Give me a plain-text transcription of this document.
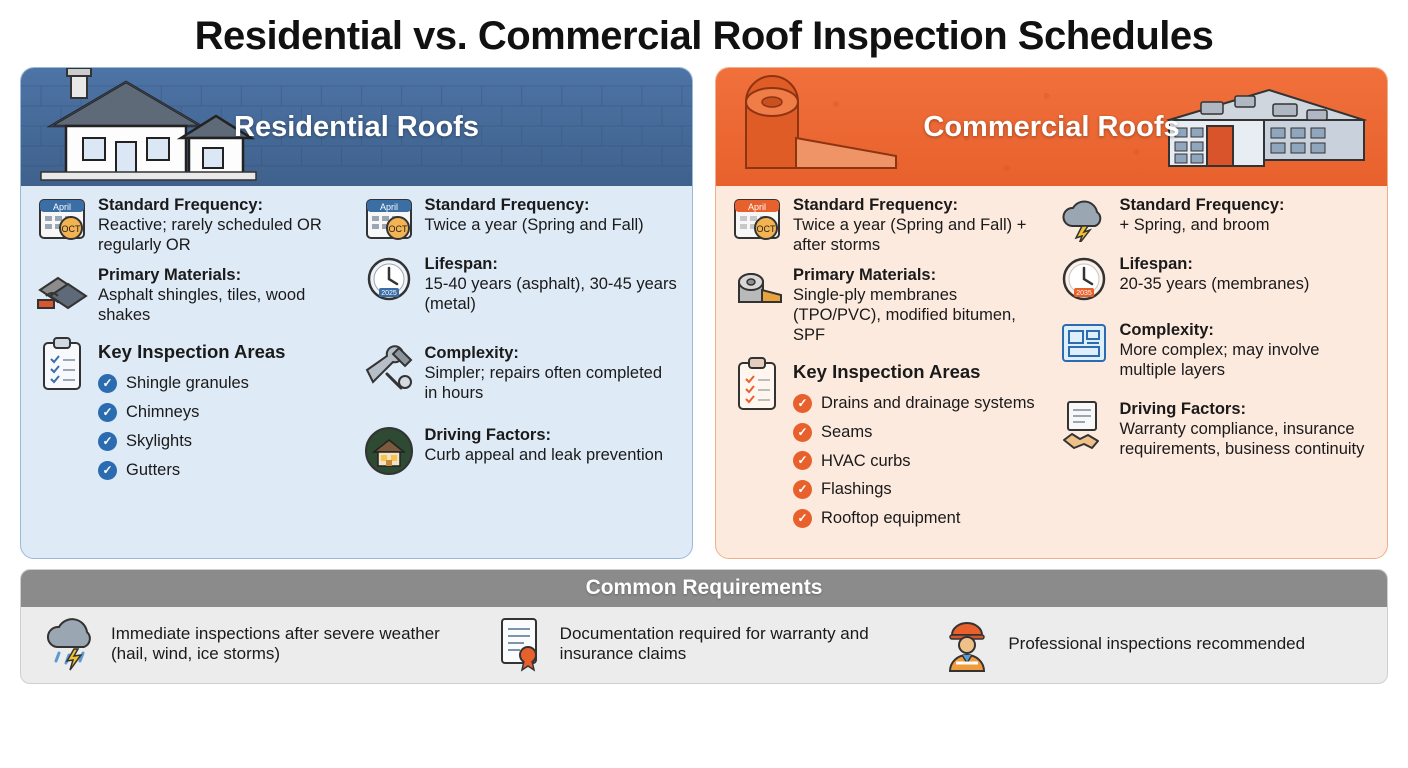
Residential vs. Commercial Roof Inspection Schedules
Residential Roofs
April
OCT
Standard Frequency:
Reactive; rarely scheduled OR regularly OR
Primary Materials:
Asphalt shingles, tiles, wood shakes
Key Inspection Areas
✓ Shingle granules
✓ Chimneys
✓ Skylights
✓ Gutters
April
OCT
Standard Frequency:
Twice a year (Spring and Fall)
2025
Lifespan:
15-40 years (asphalt), 30-45 years (metal)
Complexity:
Simpler; repairs often completed in hours
Driving Factors:
Curb appeal and leak prevention
Commercial Roofs
April
OCT
Standard Frequency:
Twice a year (Spring and Fall) + after storms
Primary Materials:
Single-ply membranes (TPO/PVC), modified bitumen, SPF
Key Inspection Areas
✓ Drains and drainage systems
✓ Seams
✓ HVAC curbs
✓ Flashings
✓ Rooftop equipment
Standard Frequency:
+ Spring, and broom
2035
Lifespan:
20-35 years (membranes)
Complexity:
More complex; may involve multiple layers
Driving Factors:
Warranty compliance, insurance requirements, business continuity
Common Requirements
Immediate inspections after severe weather (hail, wind, ice storms)
Documentation required for warranty and insurance claims
Professional inspections recommended
